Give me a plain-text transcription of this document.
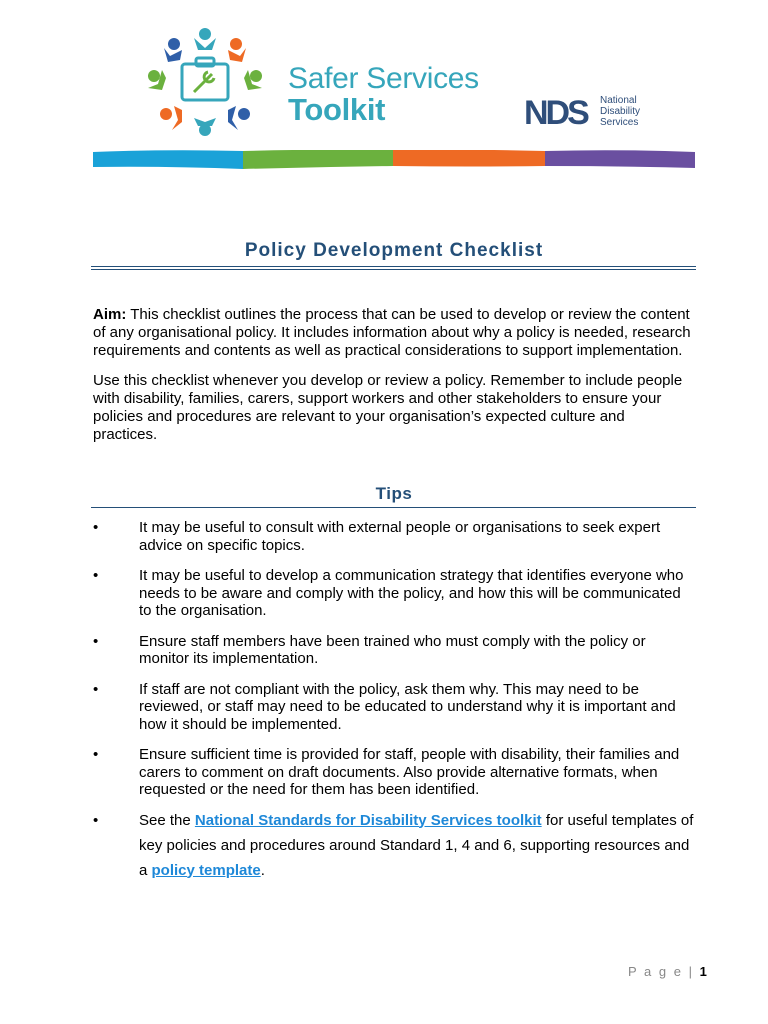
Safer Services
Toolkit	NDS National
Disability
Services
Policy Development Checklist

Aim: This checklist outlines the process that can be used to develop or review the content of any organisational policy. It includes information about why a policy is needed, research requirements and contents as well as practical considerations to support implementation.

Use this checklist whenever you develop or review a policy. Remember to include people with disability, families, carers, support workers and other stakeholders to ensure your policies and procedures are relevant to your organisation’s expected culture and practices.

Tips
•	It may be useful to consult with external people or organisations to seek expert advice on specific topics.
•	It may be useful to develop a communication strategy that identifies everyone who needs to be aware and comply with the policy, and how this will be communicated to the organisation.
•	Ensure staff members have been trained who must comply with the policy or monitor its implementation.
•	If staff are not compliant with the policy, ask them why. This may need to be reviewed, or staff may need to be educated to understand why it is important and how it should be implemented.
•	Ensure sufficient time is provided for staff, people with disability, their families and carers to comment on draft documents. Also provide alternative formats, when requested or the need for them has been identified.
•	See the National Standards for Disability Services toolkit for useful templates of key policies and procedures around Standard 1, 4 and 6, supporting resources and a policy template.
P a g e | 1
